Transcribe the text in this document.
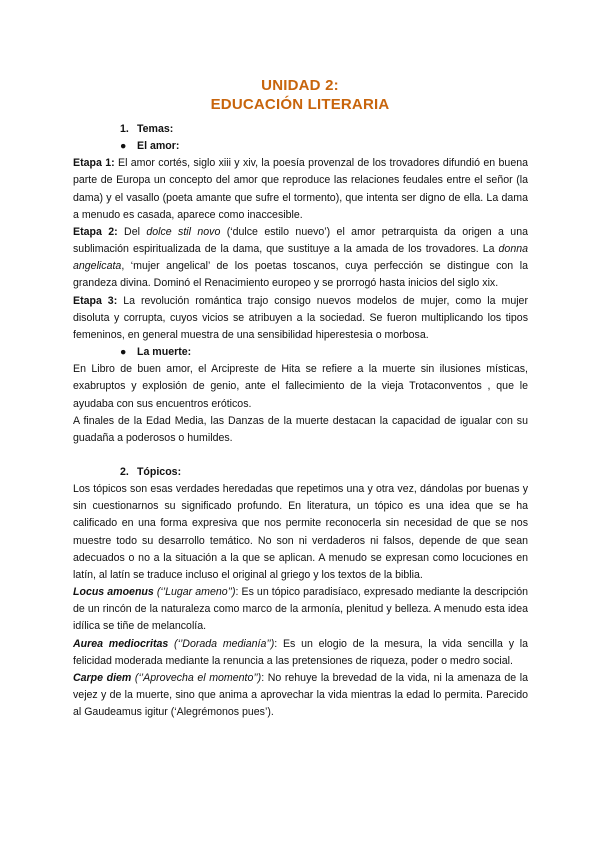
UNIDAD 2:
EDUCACIÓN LITERARIA

1. Temas:

● El amor:

Etapa 1: El amor cortés, siglo xiii y xiv, la poesía provenzal de los trovadores difundió en buena parte de Europa un concepto del amor que reproduce las relaciones feudales entre el señor (la dama) y el vasallo (poeta amante que sufre el tormento), que intenta ser digno de ella. La dama a menudo es casada, aparece como inaccesible.

Etapa 2: Del dolce stil novo (‘dulce estilo nuevo’) el amor petrarquista da origen a una sublimación espiritualizada de la dama, que sustituye a la amada de los trovadores. La donna angelicata, ‘mujer angelical’ de los poetas toscanos, cuya perfección se distingue con la grandeza divina. Dominó el Renacimiento europeo y se prorrogó hasta inicios del siglo xix.

Etapa 3: La revolución romántica trajo consigo nuevos modelos de mujer, como la mujer disoluta y corrupta, cuyos vicios se atribuyen a la sociedad. Se fueron multiplicando los tipos femeninos, en general muestra de una sensibilidad hiperestesia o morbosa.

● La muerte:

En Libro de buen amor, el Arcipreste de Hita se refiere a la muerte sin ilusiones místicas, exabruptos y explosión de genio, ante el fallecimiento de la vieja Trotaconventos , que le ayudaba con sus encuentros eróticos.

A finales de la Edad Media, las Danzas de la muerte destacan la capacidad de igualar con su guadaña a poderosos o humildes.

2. Tópicos:

Los tópicos son esas verdades heredadas que repetimos una y otra vez, dándolas por buenas y sin cuestionarnos su significado profundo. En literatura, un tópico es una idea que se ha calificado en una forma expresiva que nos permite reconocerla sin necesidad de que se nos muestre todo su desarrollo temático. No son ni verdaderos ni falsos, depende de que sean adecuados o no a la situación a la que se aplican. A menudo se expresan como locuciones en latín, al latín se traduce incluso el original al griego y los textos de la biblia.

Locus amoenus (‘’Lugar ameno’’): Es un tópico paradisíaco, expresado mediante la descripción de un rincón de la naturaleza como marco de la armonía, plenitud y belleza. A menudo esta idea idílica se tiñe de melancolía.

Aurea mediocritas (‘’Dorada medianía’’): Es un elogio de la mesura, la vida sencilla y la felicidad moderada mediante la renuncia a las pretensiones de riqueza, poder o medro social.

Carpe diem (‘’Aprovecha el momento’’): No rehuye la brevedad de la vida, ni la amenaza de la vejez y de la muerte, sino que anima a aprovechar la vida mientras la edad lo permita. Parecido al Gaudeamus igitur (‘Alegrémonos pues’).
